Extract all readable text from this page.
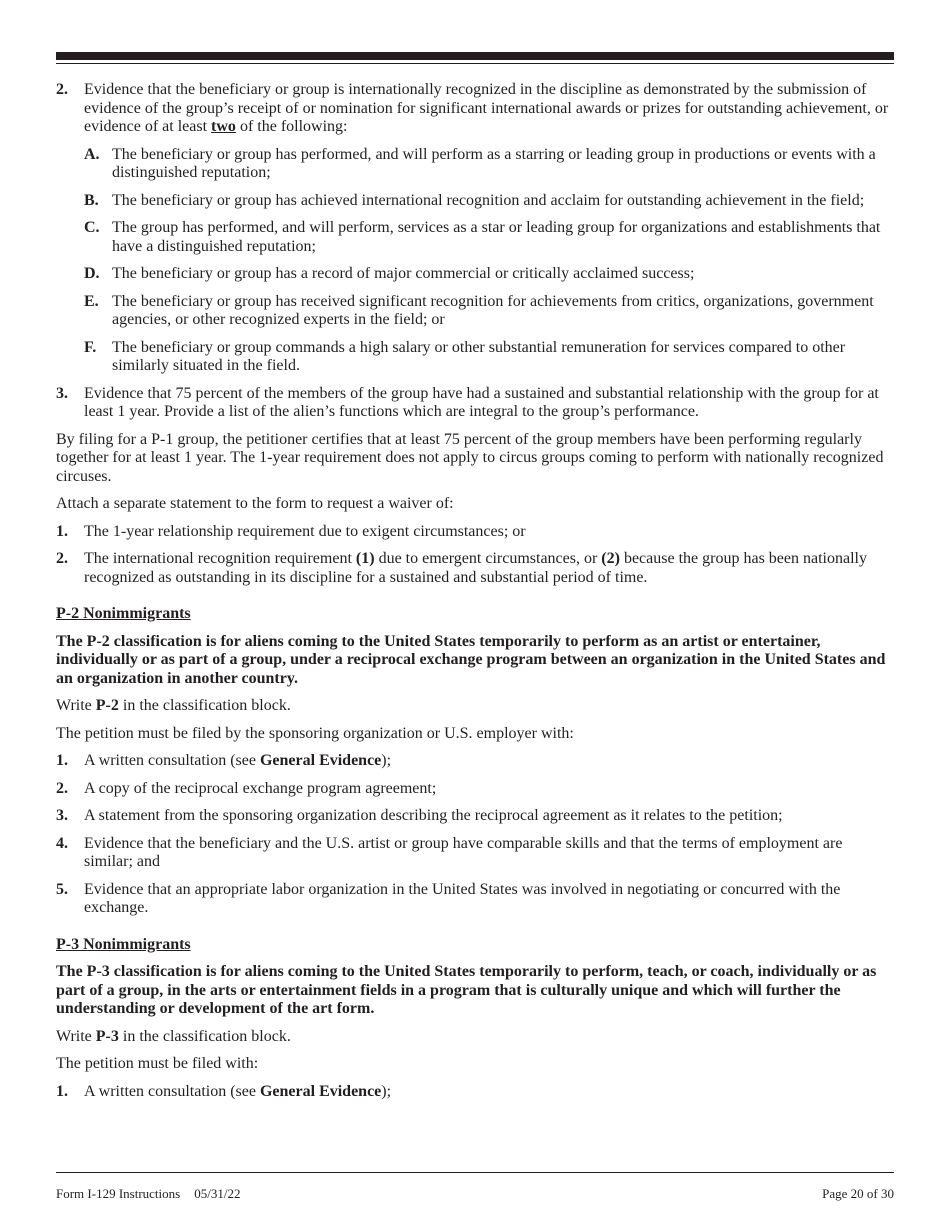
2. Evidence that the beneficiary or group is internationally recognized in the discipline as demonstrated by the submission of evidence of the group’s receipt of or nomination for significant international awards or prizes for outstanding achievement, or evidence of at least two of the following:
A. The beneficiary or group has performed, and will perform as a starring or leading group in productions or events with a distinguished reputation;
B. The beneficiary or group has achieved international recognition and acclaim for outstanding achievement in the field;
C. The group has performed, and will perform, services as a star or leading group for organizations and establishments that have a distinguished reputation;
D. The beneficiary or group has a record of major commercial or critically acclaimed success;
E. The beneficiary or group has received significant recognition for achievements from critics, organizations, government agencies, or other recognized experts in the field; or
F. The beneficiary or group commands a high salary or other substantial remuneration for services compared to other similarly situated in the field.
3. Evidence that 75 percent of the members of the group have had a sustained and substantial relationship with the group for at least 1 year. Provide a list of the alien’s functions which are integral to the group’s performance.

By filing for a P-1 group, the petitioner certifies that at least 75 percent of the group members have been performing regularly together for at least 1 year. The 1-year requirement does not apply to circus groups coming to perform with nationally recognized circuses.

Attach a separate statement to the form to request a waiver of:

1. The 1-year relationship requirement due to exigent circumstances; or
2. The international recognition requirement (1) due to emergent circumstances, or (2) because the group has been nationally recognized as outstanding in its discipline for a sustained and substantial period of time.
P-2 Nonimmigrants

The P-2 classification is for aliens coming to the United States temporarily to perform as an artist or entertainer, individually or as part of a group, under a reciprocal exchange program between an organization in the United States and an organization in another country.

Write P-2 in the classification block.

The petition must be filed by the sponsoring organization or U.S. employer with:

1. A written consultation (see General Evidence);
2. A copy of the reciprocal exchange program agreement;
3. A statement from the sponsoring organization describing the reciprocal agreement as it relates to the petition;
4. Evidence that the beneficiary and the U.S. artist or group have comparable skills and that the terms of employment are similar; and
5. Evidence that an appropriate labor organization in the United States was involved in negotiating or concurred with the exchange.
P-3 Nonimmigrants

The P-3 classification is for aliens coming to the United States temporarily to perform, teach, or coach, individually or as part of a group, in the arts or entertainment fields in a program that is culturally unique and which will further the understanding or development of the art form.

Write P-3 in the classification block.

The petition must be filed with:

1. A written consultation (see General Evidence);
Form I-129 Instructions 05/31/22	Page 20 of 30
